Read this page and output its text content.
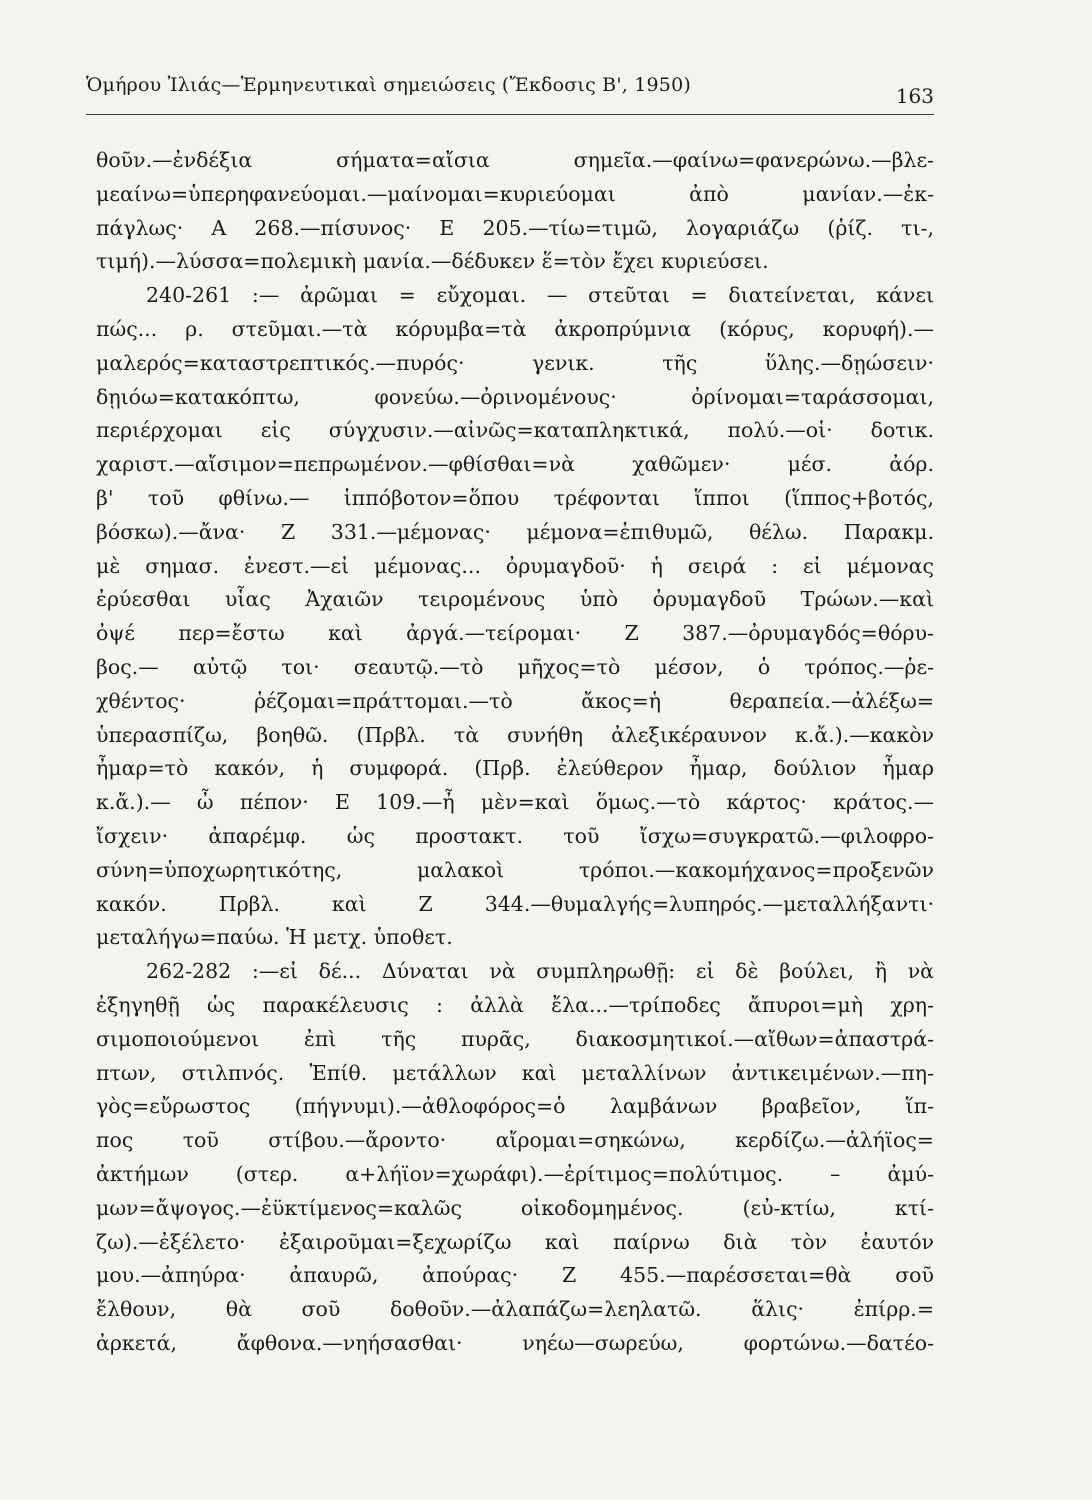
Ὁμήρου Ἰλιάς—Ἑρμηνευτικαὶ σημειώσεις (Ἔκδοσις Β', 1950)	163
θοῦν.—ἐνδέξια σήματα=αἴσια σημεῖα.—φαίνω=φανερώνω.—βλε-
μεαίνω=ὑπερηφανεύομαι.—μαίνομαι=κυριεύομαι ἀπὸ μανίαν.—ἐκ-
πάγλως· Α 268.—πίσυνος· Ε 205.—τίω=τιμῶ, λογαριάζω (ῥίζ. τι-,
τιμή).—λύσσα=πολεμικὴ μανία.—δέδυκεν ἕ=τὸν ἔχει κυριεύσει.
240-261 :— ἀρῶμαι = εὔχομαι. — στεῦται = διατείνεται, κάνει
πώς... ρ. στεῦμαι.—τὰ κόρυμβα=τὰ ἀκροπρύμνια (κόρυς, κορυφή).—
μαλερός=καταστρεπτικός.—πυρός· γενικ. τῆς ὕλης.—δῃώσειν·
δῃιόω=κατακόπτω, φονεύω.—ὀρινομένους· ὀρίνομαι=ταράσσομαι,
περιέρχομαι εἰς σύγχυσιν.—αἰνῶς=καταπληκτικά, πολύ.—οἱ· δοτικ.
χαριστ.—αἴσιμον=πεπρωμένον.—φθίσθαι=νὰ χαθῶμεν· μέσ. ἀόρ.
β' τοῦ φθίνω.— ἱππόβοτον=ὅπου τρέφονται ἵπποι (ἵππος+βοτός,
βόσκω).—ἄνα· Ζ 331.—μέμονας· μέμονα=ἐπιθυμῶ, θέλω. Παρακμ.
μὲ σημασ. ἐνεστ.—εἰ μέμονας... ὀρυμαγδοῦ· ἡ σειρά : εἰ μέμονας
ἐρύεσθαι υἷας Ἀχαιῶν τειρομένους ὑπὸ ὀρυμαγδοῦ Τρώων.—καὶ
ὀψέ περ=ἔστω καὶ ἀργά.—τείρομαι· Ζ 387.—ὀρυμαγδός=θόρυ-
βος.— αὐτῷ τοι· σεαυτῷ.—τὸ μῆχος=τὸ μέσον, ὁ τρόπος.—ῥε-
χθέντος· ῥέζομαι=πράττομαι.—τὸ ἄκος=ἡ θεραπεία.—ἀλέξω=
ὑπερασπίζω, βοηθῶ. (Πρβλ. τὰ συνήθη ἀλεξικέραυνον κ.ἄ.).—κακὸν
ἦμαρ=τὸ κακόν, ἡ συμφορά. (Πρβ. ἐλεύθερον ἦμαρ, δούλιον ἦμαρ
κ.ἄ.).— ὦ πέπον· Ε 109.—ἦ μὲν=καὶ ὅμως.—τὸ κάρτος· κράτος.—
ἴσχειν· ἀπαρέμφ. ὡς προστακτ. τοῦ ἴσχω=συγκρατῶ.—φιλοφρο-
σύνη=ὑποχωρητικότης, μαλακοὶ τρόποι.—κακομήχανος=προξενῶν
κακόν. Πρβλ. καὶ Ζ 344.—θυμαλγής=λυπηρός.—μεταλλήξαντι·
μεταλήγω=παύω. Ἡ μετχ. ὑποθετ.
262-282 :—εἰ δέ... Δύναται νὰ συμπληρωθῇ: εἰ δὲ βούλει, ἢ νὰ
ἐξηγηθῇ ὡς παρακέλευσις : ἀλλὰ ἔλα...—τρίποδες ἄπυροι=μὴ χρη-
σιμοποιούμενοι ἐπὶ τῆς πυρᾶς, διακοσμητικοί.—αἴθων=ἀπαστρά-
πτων, στιλπνός. Ἐπίθ. μετάλλων καὶ μεταλλίνων ἀντικειμένων.—πη-
γὸς=εὔρωστος (πήγνυμι).—ἀθλοφόρος=ὁ λαμβάνων βραβεῖον, ἵπ-
πος τοῦ στίβου.—ἄροντο· αἴρομαι=σηκώνω, κερδίζω.—ἀλήϊος=
ἀκτήμων (στερ. α+λήϊον=χωράφι).—ἐρίτιμος=πολύτιμος. – ἀμύ-
μων=ἄψογος.—ἐϋκτίμενος=καλῶς οἰκοδομημένος. (εὐ-κτίω, κτί-
ζω).—ἐξέλετο· ἐξαιροῦμαι=ξεχωρίζω καὶ παίρνω διὰ τὸν ἑαυτόν
μου.—ἀπηύρα· ἀπαυρῶ, ἀπούρας· Ζ 455.—παρέσσεται=θὰ σοῦ
ἔλθουν, θὰ σοῦ δοθοῦν.—ἀλαπάζω=λεηλατῶ. ἅλις· ἐπίρρ.=
ἀρκετά, ἄφθονα.—νηήσασθαι· νηέω—σωρεύω, φορτώνω.—δατέο-
